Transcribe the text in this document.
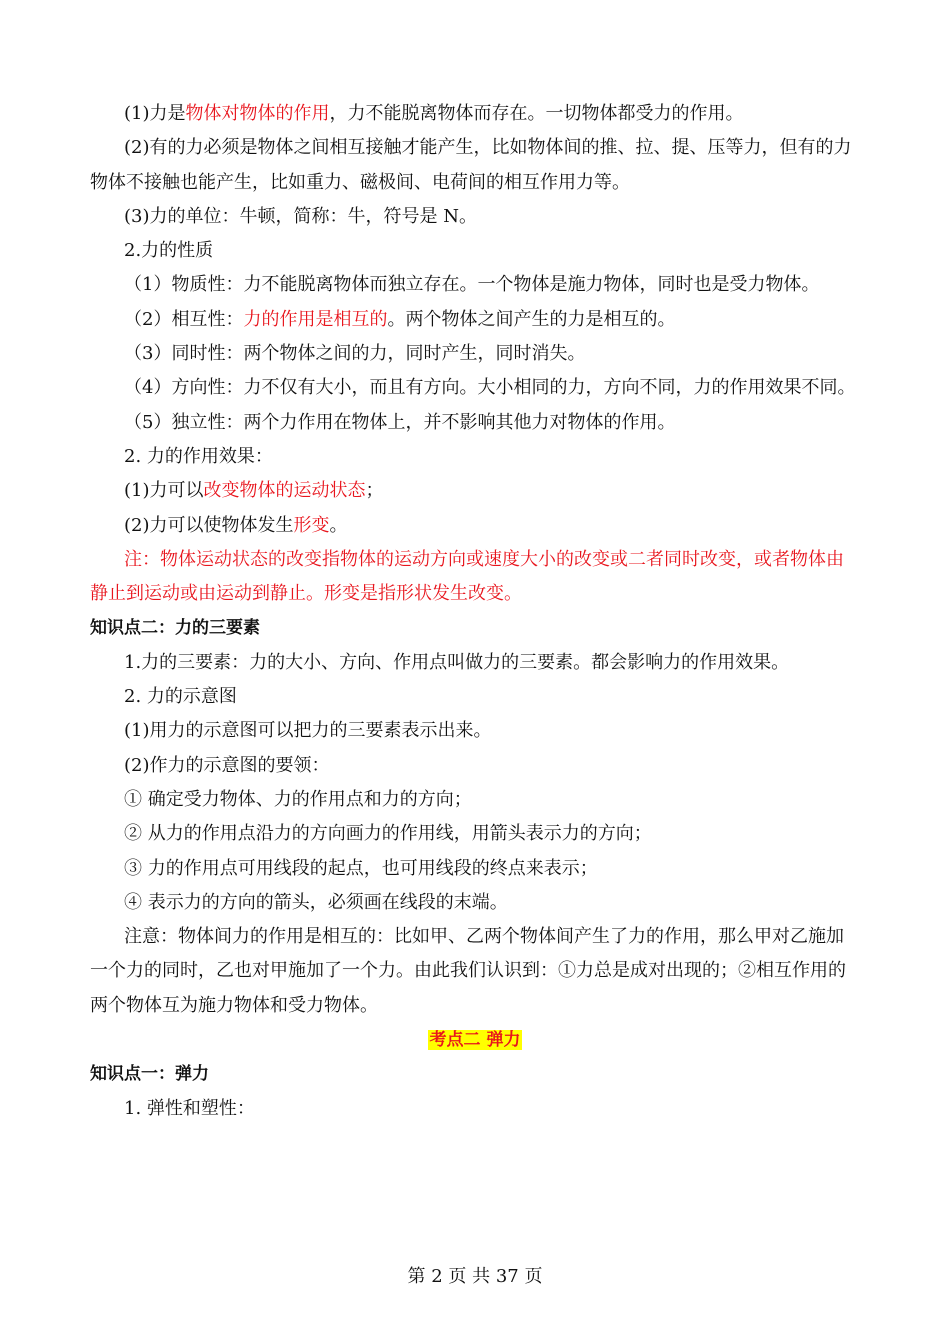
(1)力是物体对物体的作用，力不能脱离物体而存在。一切物体都受力的作用。

(2)有的力必须是物体之间相互接触才能产生，比如物体间的推、拉、提、压等力，但有的力物体不接触也能产生，比如重力、磁极间、电荷间的相互作用力等。

(3)力的单位：牛顿，简称：牛，符号是 N。

2.力的性质

（1）物质性：力不能脱离物体而独立存在。一个物体是施力物体，同时也是受力物体。

（2）相互性：力的作用是相互的。两个物体之间产生的力是相互的。

（3）同时性：两个物体之间的力，同时产生，同时消失。

（4）方向性：力不仅有大小，而且有方向。大小相同的力，方向不同，力的作用效果不同。

（5）独立性：两个力作用在物体上，并不影响其他力对物体的作用。

2. 力的作用效果：

(1)力可以改变物体的运动状态；

(2)力可以使物体发生形变。

注：物体运动状态的改变指物体的运动方向或速度大小的改变或二者同时改变，或者物体由静止到运动或由运动到静止。形变是指形状发生改变。

知识点二：力的三要素

1.力的三要素：力的大小、方向、作用点叫做力的三要素。都会影响力的作用效果。

2. 力的示意图

(1)用力的示意图可以把力的三要素表示出来。

(2)作力的示意图的要领：

① 确定受力物体、力的作用点和力的方向；

② 从力的作用点沿力的方向画力的作用线，用箭头表示力的方向；

③ 力的作用点可用线段的起点，也可用线段的终点来表示；

④ 表示力的方向的箭头，必须画在线段的末端。

注意：物体间力的作用是相互的：比如甲、乙两个物体间产生了力的作用，那么甲对乙施加一个力的同时，乙也对甲施加了一个力。由此我们认识到：①力总是成对出现的；②相互作用的两个物体互为施力物体和受力物体。

考点二 弹力

知识点一：弹力

1. 弹性和塑性：

第 2 页 共 37 页
